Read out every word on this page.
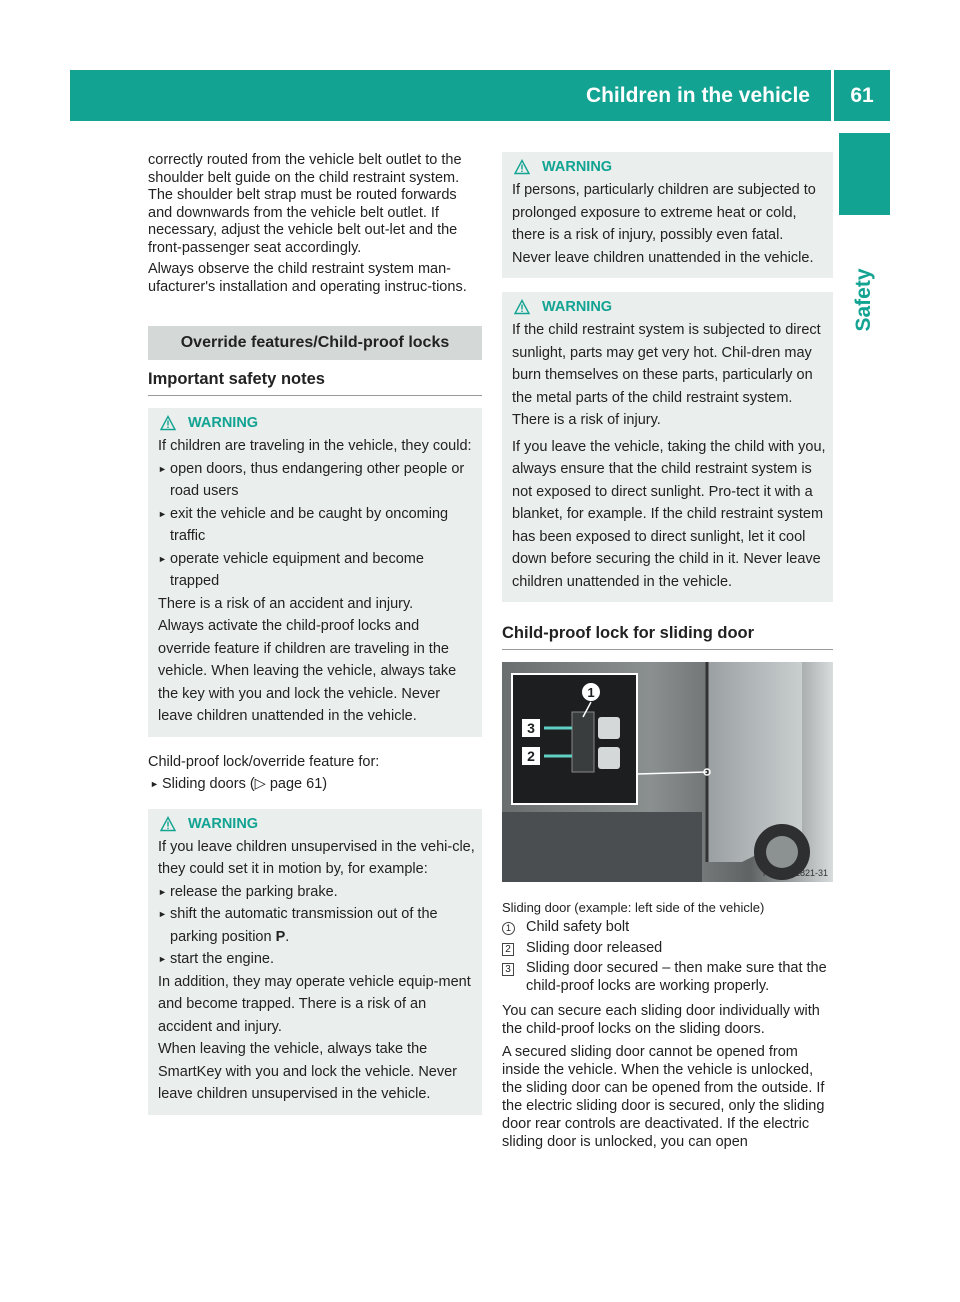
Children in the vehicle	61
Safety
correctly routed from the vehicle belt outlet to the shoulder belt guide on the child restraint system. The shoulder belt strap must be routed forwards and downwards from the vehicle belt outlet. If necessary, adjust the vehicle belt out-let and the front-passenger seat accordingly.
Always observe the child restraint system man-ufacturer's installation and operating instruc-tions.
Override features/Child-proof locks
Important safety notes
WARNING
If children are traveling in the vehicle, they could:
► open doors, thus endangering other people or road users
► exit the vehicle and be caught by oncoming traffic
► operate vehicle equipment and become trapped
There is a risk of an accident and injury.
Always activate the child-proof locks and override feature if children are traveling in the vehicle. When leaving the vehicle, always take the key with you and lock the vehicle. Never leave children unattended in the vehicle.
Child-proof lock/override feature for:
► Sliding doors (▷ page 61)
WARNING
If you leave children unsupervised in the vehi-cle, they could set it in motion by, for example:
► release the parking brake.
► shift the automatic transmission out of the parking position P.
► start the engine.
In addition, they may operate vehicle equip-ment and become trapped. There is a risk of an accident and injury.
When leaving the vehicle, always take the SmartKey with you and lock the vehicle. Never leave children unsupervised in the vehicle.
WARNING
If persons, particularly children are subjected to prolonged exposure to extreme heat or cold, there is a risk of injury, possibly even fatal. Never leave children unattended in the vehicle.
WARNING
If the child restraint system is subjected to direct sunlight, parts may get very hot. Chil-dren may burn themselves on these parts, particularly on the metal parts of the child restraint system. There is a risk of injury.
If you leave the vehicle, taking the child with you, always ensure that the child restraint system is not exposed to direct sunlight. Pro-tect it with a blanket, for example. If the child restraint system has been exposed to direct sunlight, let it cool down before securing the child in it. Never leave children unattended in the vehicle.
Child-proof lock for sliding door
1
3
2
N68.00-2821-31
Sliding door (example: left side of the vehicle)
1	Child safety bolt
2	Sliding door released
3	Sliding door secured – then make sure that the child-proof locks are working properly.
You can secure each sliding door individually with the child-proof locks on the sliding doors.
A secured sliding door cannot be opened from inside the vehicle. When the vehicle is unlocked, the sliding door can be opened from the outside. If the electric sliding door is secured, only the sliding door rear controls are deactivated. If the electric sliding door is unlocked, you can open
